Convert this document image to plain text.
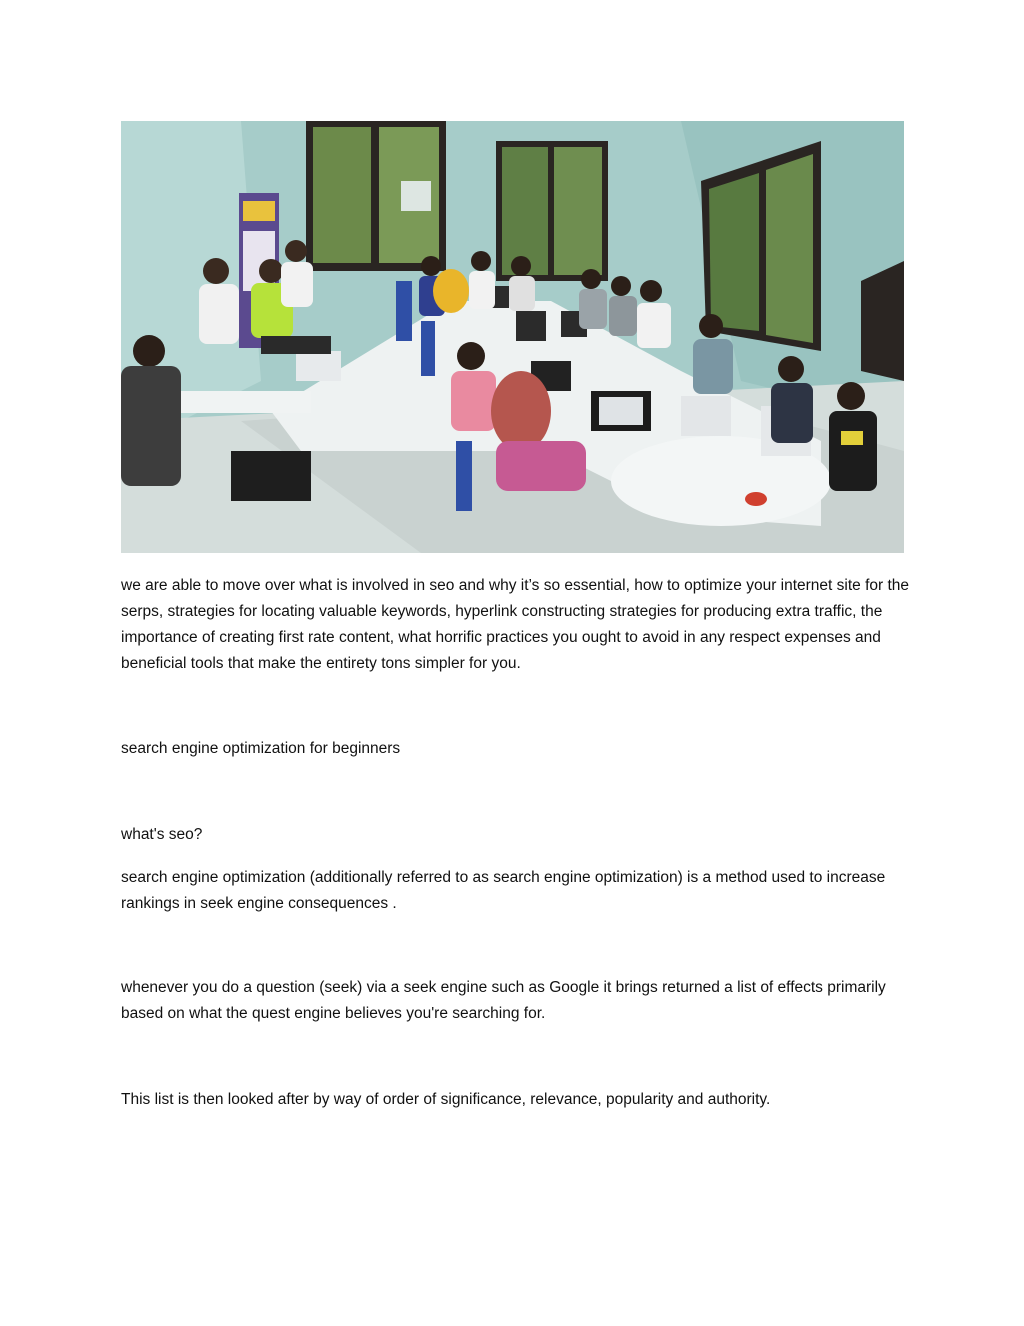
we are able to move over what is involved in seo and why it’s so essential, how to optimize your internet site for the serps, strategies for locating valuable keywords, hyperlink constructing strategies for producing extra traffic, the importance of creating first rate content, what horrific practices you ought to avoid in any respect expenses and beneficial tools that make the entirety tons simpler for you.

search engine optimization for beginners

what's seo?

search engine optimization (additionally referred to as search engine optimization) is a method used to increase rankings in seek engine consequences .

whenever you do a question (seek) via a seek engine such as Google it brings returned a list of effects primarily based on what the quest engine believes you're searching for.

This list is then looked after by way of order of significance, relevance, popularity and authority.
